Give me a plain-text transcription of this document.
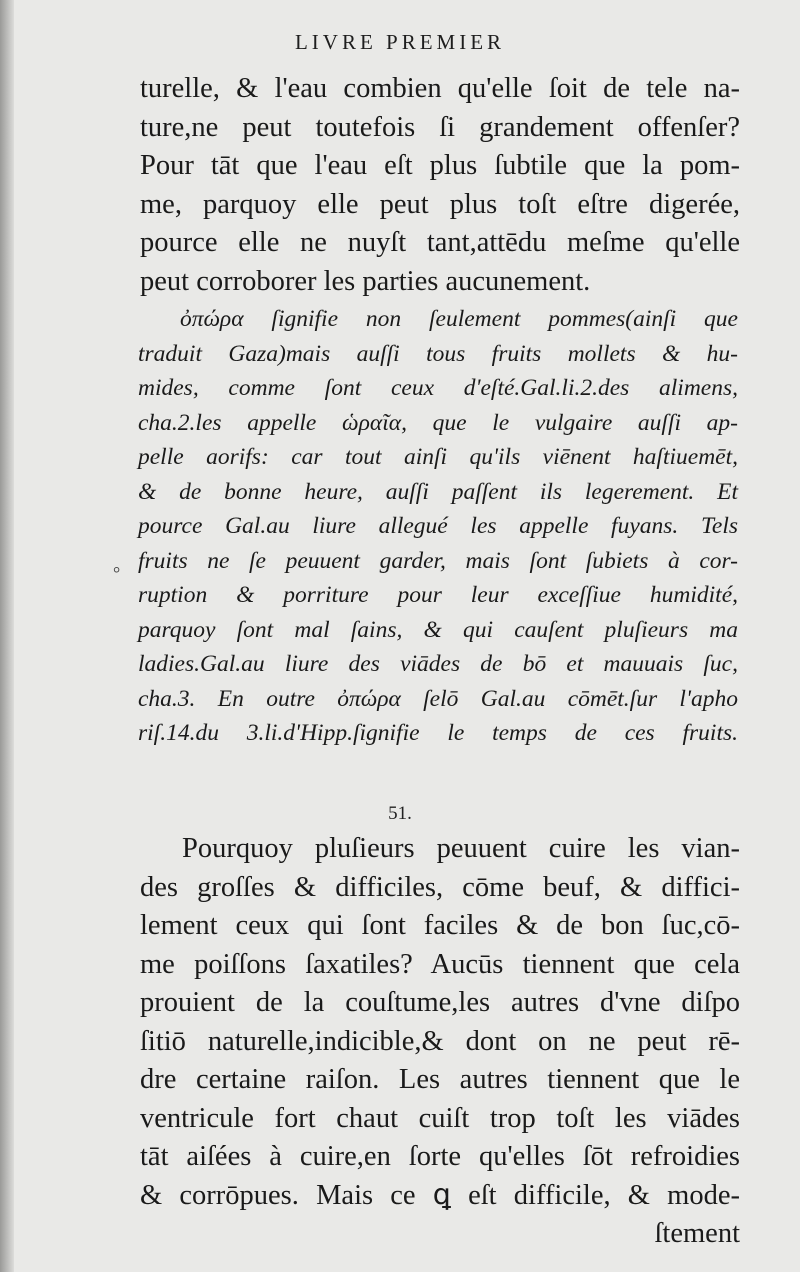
LIVRE PREMIER
turelle, & l'eau combien qu'elle ſoit de tele na-
ture,ne peut toutefois ſi grandement offenſer?
Pour tāt que l'eau eſt plus ſubtile que la pom-
me, parquoy elle peut plus toſt eſtre digerée,
pource elle ne nuyſt tant,attēdu meſme qu'elle
peut corroborer les parties aucunement.
ὀπώρα ſignifie non ſeulement pommes(ainſi que
traduit Gaza)mais auſſi tous fruits mollets & hu-
mides, comme ſont ceux d'eſté.Gal.li.2.des alimens,
cha.2.les appelle ὡραῖα, que le vulgaire auſſi ap-
pelle aorifs: car tout ainſi qu'ils viēnent haſtiuemēt,
& de bonne heure, auſſi paſſent ils legerement. Et
pource Gal.au liure allegué les appelle fuyans. Tels
fruits ne ſe peuuent garder, mais ſont ſubiets à cor-
ruption & porriture pour leur exceſſiue humidité,
parquoy ſont mal ſains, & qui cauſent pluſieurs ma
ladies.Gal.au liure des viādes de bō et mauuais ſuc,
cha.3. En outre ὀπώρα ſelō Gal.au cōmēt.ſur l'apho
riſ.14.du 3.li.d'Hipp.ſignifie le temps de ces fruits.
°
51.
Pourquoy pluſieurs peuuent cuire les vian-
des groſſes & difficiles, cōme beuf, & diffici-
lement ceux qui ſont faciles & de bon ſuc,cō-
me poiſſons ſaxatiles? Aucūs tiennent que cela
prouient de la couſtume,les autres d'vne diſpo
ſitiō naturelle,indicible,& dont on ne peut rē-
dre certaine raiſon. Les autres tiennent que le
ventricule fort chaut cuiſt trop toſt les viādes
tāt aiſées à cuire,en ſorte qu'elles ſōt refroidies
& corrōpues. Mais ce ꝗ eſt difficile, & mode-
ſtement
